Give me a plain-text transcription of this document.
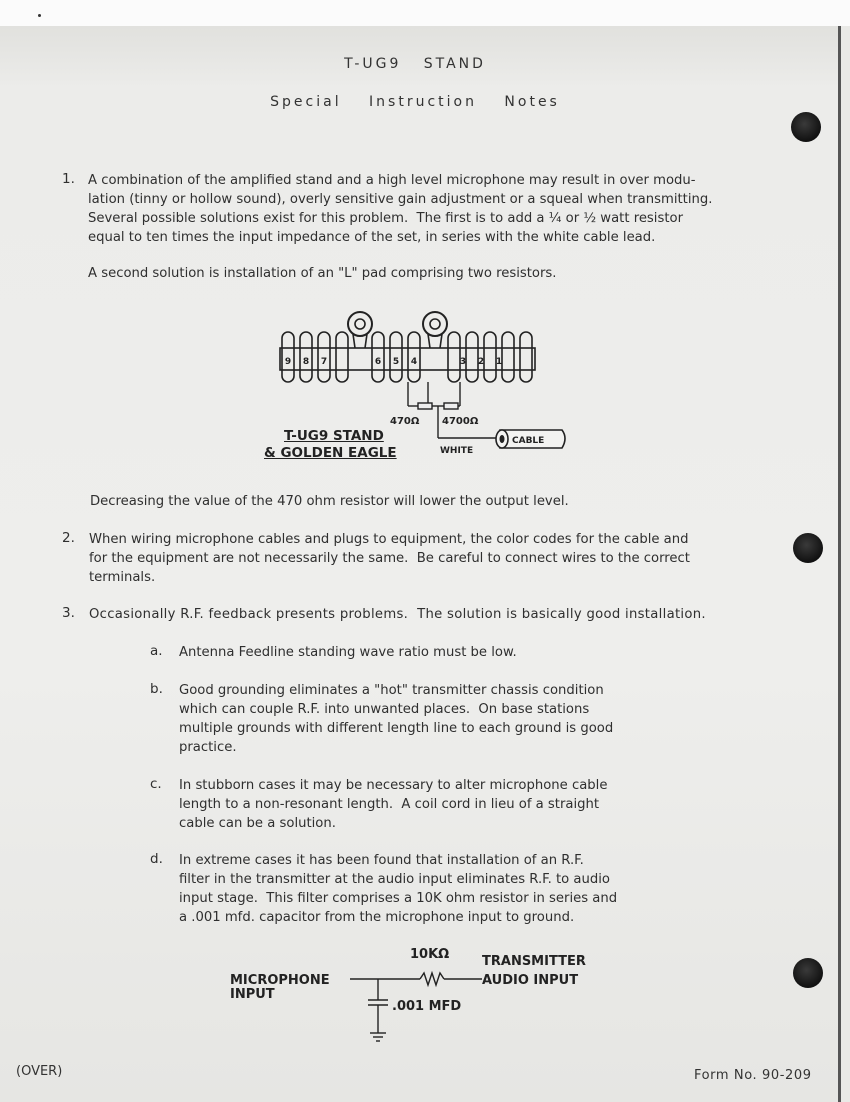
T-UG9   STAND
Special Instruction Notes
1. A combination of the amplified stand and a high level microphone may result in over modu-
lation (tinny or hollow sound), overly sensitive gain adjustment or a squeal when transmitting.
Several possible solutions exist for this problem.  The first is to add a ¼ or ½ watt resistor
equal to ten times the input impedance of the set, in series with the white cable lead.
A second solution is installation of an "L" pad comprising two resistors.
9 8 7	6 5 4	3 2 1
470Ω 4700Ω
WHITE
CABLE
T-UG9 STAND
& GOLDEN EAGLE
Decreasing the value of the 470 ohm resistor will lower the output level.
2. When wiring microphone cables and plugs to equipment, the color codes for the cable and
for the equipment are not necessarily the same.  Be careful to connect wires to the correct
terminals.
3. Occasionally R.F. feedback presents problems.  The solution is basically good installation.
a. Antenna Feedline standing wave ratio must be low.
b. Good grounding eliminates a "hot" transmitter chassis condition
which can couple R.F. into unwanted places.  On base stations
multiple grounds with different length line to each ground is good
practice.
c. In stubborn cases it may be necessary to alter microphone cable
length to a non-resonant length.  A coil cord in lieu of a straight
cable can be a solution.
d. In extreme cases it has been found that installation of an R.F.
filter in the transmitter at the audio input eliminates R.F. to audio
input stage.  This filter comprises a 10K ohm resistor in series and
a .001 mfd. capacitor from the microphone input to ground.
10KΩ	TRANSMITTER
MICROPHONE
INPUT
AUDIO INPUT
.001 MFD
(OVER)	Form No. 90-209
